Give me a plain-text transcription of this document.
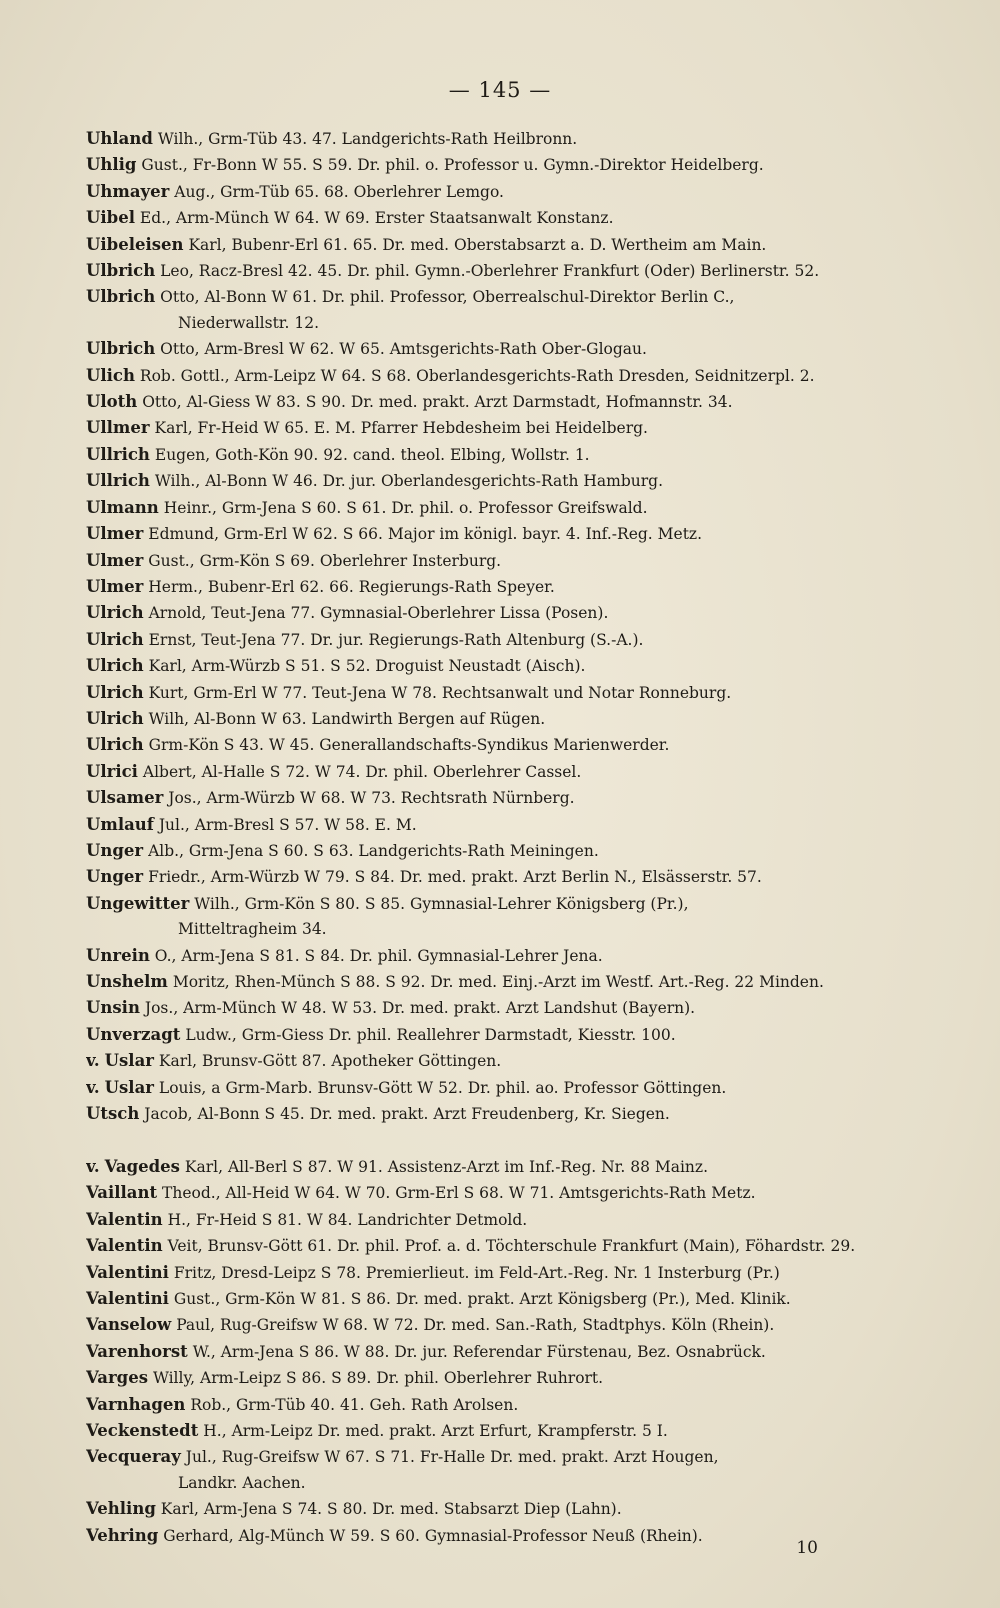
— 145 —

Uhland Wilh., Grm-Tüb 43. 47. Landgerichts-Rath Heilbronn.

Uhlig Gust., Fr-Bonn W 55. S 59. Dr. phil. o. Professor u. Gymn.-Direktor Heidelberg.

Uhmayer Aug., Grm-Tüb 65. 68. Oberlehrer Lemgo.

Uibel Ed., Arm-Münch W 64. W 69. Erster Staatsanwalt Konstanz.

Uibeleisen Karl, Bubenr-Erl 61. 65. Dr. med. Oberstabsarzt a. D. Wertheim am Main.

Ulbrich Leo, Racz-Bresl 42. 45. Dr. phil. Gymn.-Oberlehrer Frankfurt (Oder) Berlinerstr. 52.

Ulbrich Otto, Al-Bonn W 61. Dr. phil. Professor, Oberrealschul-Direktor Berlin C.,

Niederwallstr. 12.

Ulbrich Otto, Arm-Bresl W 62. W 65. Amtsgerichts-Rath Ober-Glogau.

Ulich Rob. Gottl., Arm-Leipz W 64. S 68. Oberlandesgerichts-Rath Dresden, Seidnitzerpl. 2.

Uloth Otto, Al-Giess W 83. S 90. Dr. med. prakt. Arzt Darmstadt, Hofmannstr. 34.

Ullmer Karl, Fr-Heid W 65. E. M. Pfarrer Hebdesheim bei Heidelberg.

Ullrich Eugen, Goth-Kön 90. 92. cand. theol. Elbing, Wollstr. 1.

Ullrich Wilh., Al-Bonn W 46. Dr. jur. Oberlandesgerichts-Rath Hamburg.

Ulmann Heinr., Grm-Jena S 60. S 61. Dr. phil. o. Professor Greifswald.

Ulmer Edmund, Grm-Erl W 62. S 66. Major im königl. bayr. 4. Inf.-Reg. Metz.

Ulmer Gust., Grm-Kön S 69. Oberlehrer Insterburg.

Ulmer Herm., Bubenr-Erl 62. 66. Regierungs-Rath Speyer.

Ulrich Arnold, Teut-Jena 77. Gymnasial-Oberlehrer Lissa (Posen).

Ulrich Ernst, Teut-Jena 77. Dr. jur. Regierungs-Rath Altenburg (S.-A.).

Ulrich Karl, Arm-Würzb S 51. S 52. Droguist Neustadt (Aisch).

Ulrich Kurt, Grm-Erl W 77. Teut-Jena W 78. Rechtsanwalt und Notar Ronneburg.

Ulrich Wilh, Al-Bonn W 63. Landwirth Bergen auf Rügen.

Ulrich Grm-Kön S 43. W 45. Generallandschafts-Syndikus Marienwerder.

Ulrici Albert, Al-Halle S 72. W 74. Dr. phil. Oberlehrer Cassel.

Ulsamer Jos., Arm-Würzb W 68. W 73. Rechtsrath Nürnberg.

Umlauf Jul., Arm-Bresl S 57. W 58. E. M.

Unger Alb., Grm-Jena S 60. S 63. Landgerichts-Rath Meiningen.

Unger Friedr., Arm-Würzb W 79. S 84. Dr. med. prakt. Arzt Berlin N., Elsässerstr. 57.

Ungewitter Wilh., Grm-Kön S 80. S 85. Gymnasial-Lehrer Königsberg (Pr.),

Mitteltragheim 34.

Unrein O., Arm-Jena S 81. S 84. Dr. phil. Gymnasial-Lehrer Jena.

Unshelm Moritz, Rhen-Münch S 88. S 92. Dr. med. Einj.-Arzt im Westf. Art.-Reg. 22 Minden.

Unsin Jos., Arm-Münch W 48. W 53. Dr. med. prakt. Arzt Landshut (Bayern).

Unverzagt Ludw., Grm-Giess Dr. phil. Reallehrer Darmstadt, Kiesstr. 100.

v. Uslar Karl, Brunsv-Gött 87. Apotheker Göttingen.

v. Uslar Louis, a Grm-Marb. Brunsv-Gött W 52. Dr. phil. ao. Professor Göttingen.

Utsch Jacob, Al-Bonn S 45. Dr. med. prakt. Arzt Freudenberg, Kr. Siegen.

v. Vagedes Karl, All-Berl S 87. W 91. Assistenz-Arzt im Inf.-Reg. Nr. 88 Mainz.

Vaillant Theod., All-Heid W 64. W 70. Grm-Erl S 68. W 71. Amtsgerichts-Rath Metz.

Valentin H., Fr-Heid S 81. W 84. Landrichter Detmold.

Valentin Veit, Brunsv-Gött 61. Dr. phil. Prof. a. d. Töchterschule Frankfurt (Main), Föhardstr. 29.

Valentini Fritz, Dresd-Leipz S 78. Premierlieut. im Feld-Art.-Reg. Nr. 1 Insterburg (Pr.)

Valentini Gust., Grm-Kön W 81. S 86. Dr. med. prakt. Arzt Königsberg (Pr.), Med. Klinik.

Vanselow Paul, Rug-Greifsw W 68. W 72. Dr. med. San.-Rath, Stadtphys. Köln (Rhein).

Varenhorst W., Arm-Jena S 86. W 88. Dr. jur. Referendar Fürstenau, Bez. Osnabrück.

Varges Willy, Arm-Leipz S 86. S 89. Dr. phil. Oberlehrer Ruhrort.

Varnhagen Rob., Grm-Tüb 40. 41. Geh. Rath Arolsen.

Veckenstedt H., Arm-Leipz Dr. med. prakt. Arzt Erfurt, Krampferstr. 5 I.

Vecqueray Jul., Rug-Greifsw W 67. S 71. Fr-Halle Dr. med. prakt. Arzt Hougen,

Landkr. Aachen.

Vehling Karl, Arm-Jena S 74. S 80. Dr. med. Stabsarzt Diep (Lahn).

Vehring Gerhard, Alg-Münch W 59. S 60. Gymnasial-Professor Neuß (Rhein).

10
